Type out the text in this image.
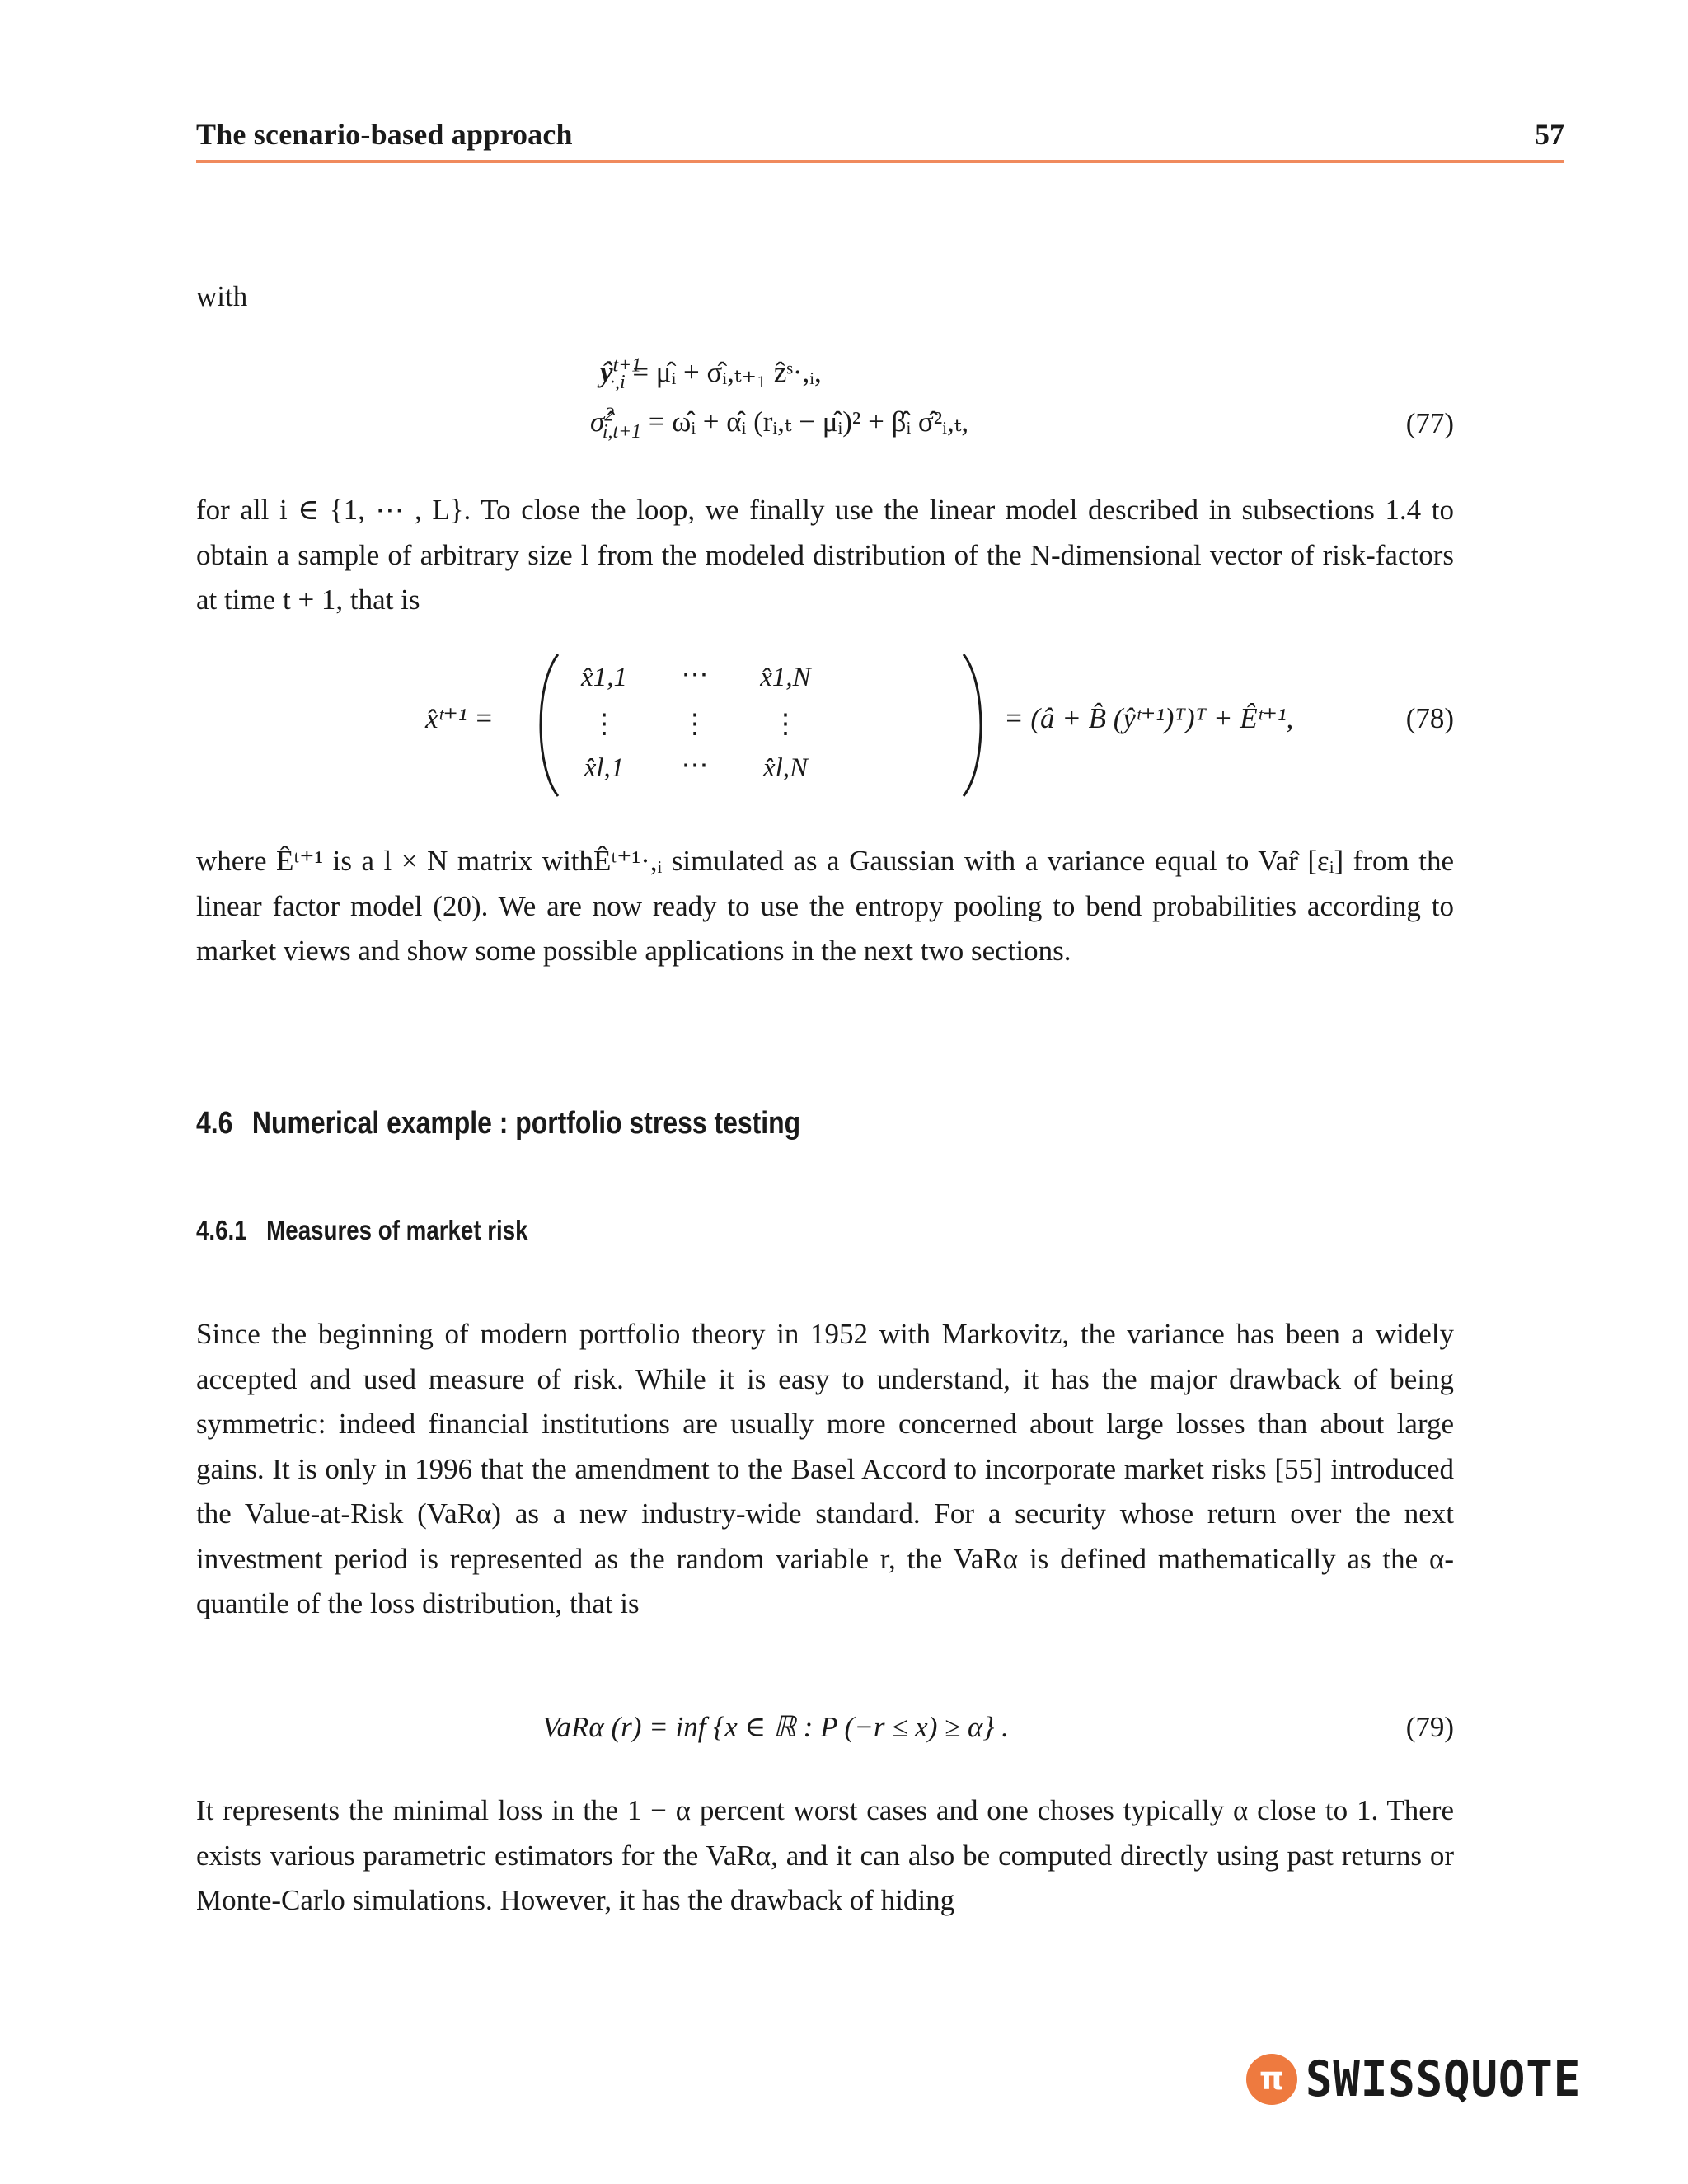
The scenario-based approach	57
with
$ŷ^{t+1}_{\cdot,i}$ = μ̂ᵢ + σ̂ᵢ,ₜ₊₁ ẑˢ·,ᵢ,
σ̂$^2_{i,t+1}$ = ω̂ᵢ + α̂ᵢ (rᵢ,ₜ − μ̂ᵢ)² + β̂ᵢ σ̂²ᵢ,ₜ,	(77)
for all i ∈ {1, ⋯ , L}. To close the loop, we finally use the linear model described in subsections 1.4 to obtain a sample of arbitrary size l from the modeled distribution of the N-dimensional vector of risk-factors at time t + 1, that is
x̂ᵗ⁺¹ =
x̂1,1	⋯	x̂1,N
⋮	⋮	⋮
x̂l,1	⋯	x̂l,N
= (â + B̂ (ŷᵗ⁺¹)ᵀ)ᵀ + Êᵗ⁺¹,	(78)
where Êᵗ⁺¹ is a l × N matrix withÊᵗ⁺¹·,ᵢ simulated as a Gaussian with a variance equal to Var̂ [εᵢ] from the linear factor model (20). We are now ready to use the entropy pooling to bend probabilities according to market views and show some possible applications in the next two sections.
4.6 Numerical example : portfolio stress testing
4.6.1 Measures of market risk
Since the beginning of modern portfolio theory in 1952 with Markovitz, the variance has been a widely accepted and used measure of risk. While it is easy to understand, it has the major drawback of being symmetric: indeed financial institutions are usually more concerned about large losses than about large gains. It is only in 1996 that the amendment to the Basel Accord to incorporate market risks [55] introduced the Value-at-Risk (VaRα) as a new industry-wide standard. For a security whose return over the next investment period is represented as the random variable r, the VaRα is defined mathematically as the α-quantile of the loss distribution, that is
VaRα (r) = inf {x ∈ ℝ : P (−r ≤ x) ≥ α} .	(79)
It represents the minimal loss in the 1 − α percent worst cases and one choses typically α close to 1. There exists various parametric estimators for the VaRα, and it can also be computed directly using past returns or Monte-Carlo simulations. However, it has the drawback of hiding
π SWISSQUOTE
